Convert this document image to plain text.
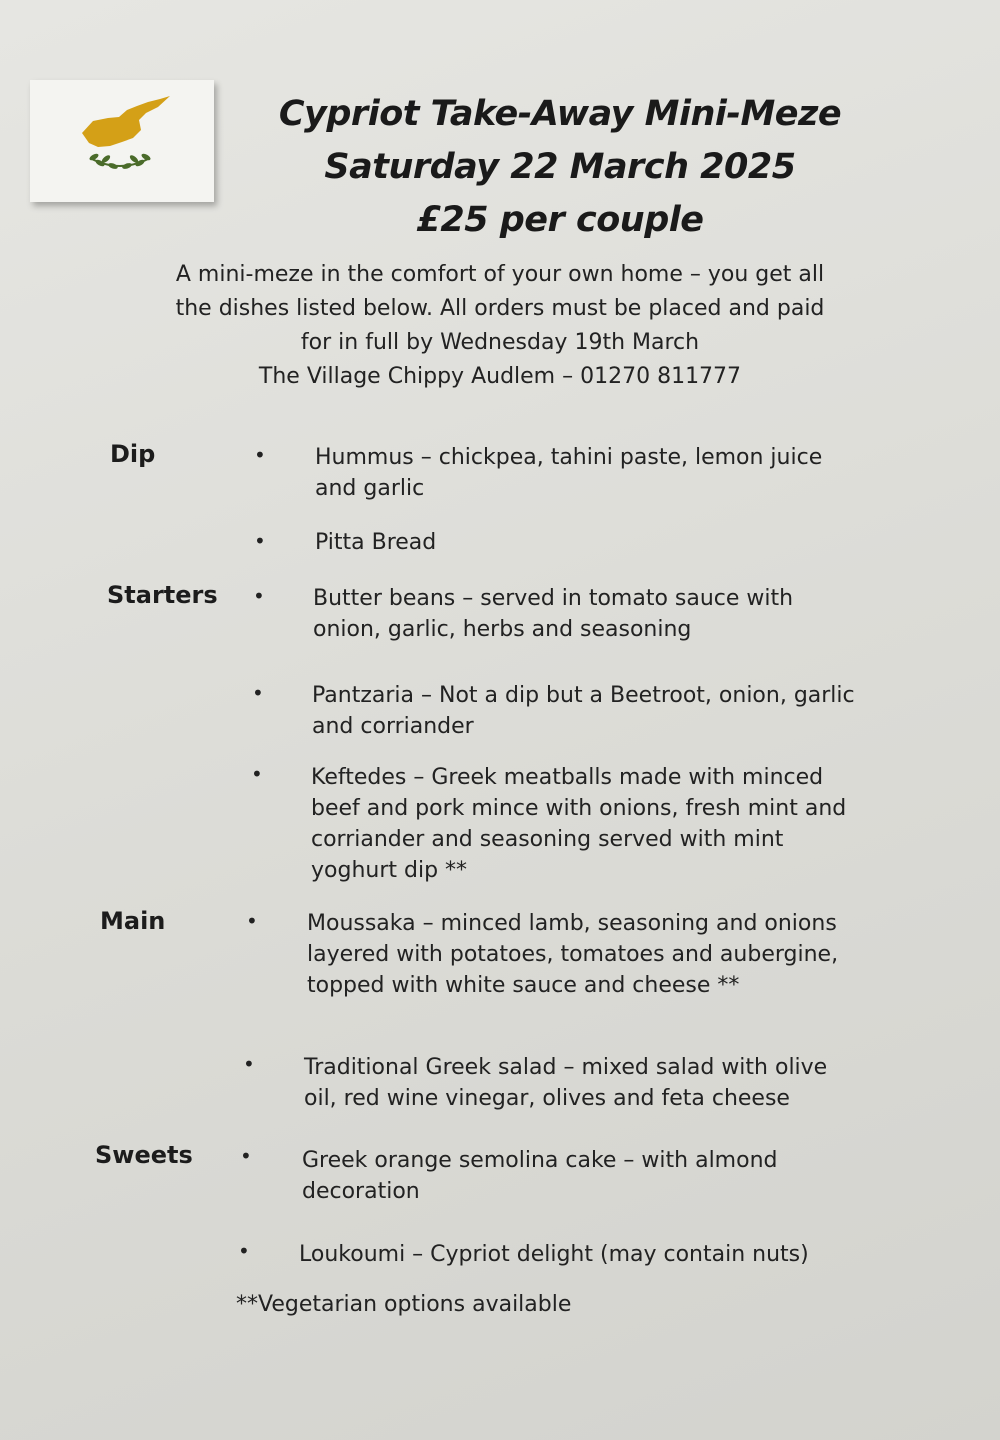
Cypriot Take-Away Mini-Meze
Saturday 22 March 2025
£25 per couple
A mini-meze in the comfort of your own home – you get all
the dishes listed below. All orders must be placed and paid
for in full by Wednesday 19th March
The Village Chippy Audlem – 01270 811777
Dip	• Hummus – chickpea, tahini paste, lemon juice
and garlic
• Pitta Bread
Starters • Butter beans – served in tomato sauce with
onion, garlic, herbs and seasoning
• Pantzaria – Not a dip but a Beetroot, onion, garlic
and corriander
• Keftedes – Greek meatballs made with minced
beef and pork mince with onions, fresh mint and
corriander and seasoning served with mint
yoghurt dip **
Main	• Moussaka – minced lamb, seasoning and onions
layered with potatoes, tomatoes and aubergine,
topped with white sauce and cheese **
• Traditional Greek salad – mixed salad with olive
oil, red wine vinegar, olives and feta cheese
Sweets • Greek orange semolina cake – with almond
decoration
• Loukoumi – Cypriot delight (may contain nuts)
**Vegetarian options available
